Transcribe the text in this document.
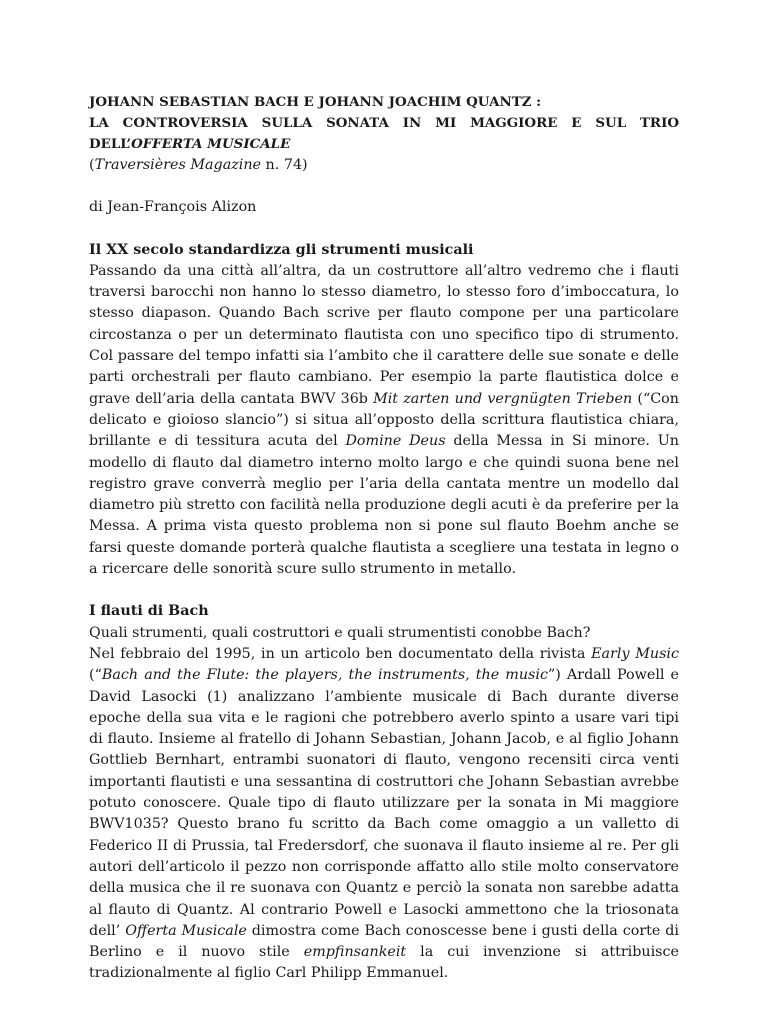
JOHANN SEBASTIAN BACH E JOHANN JOACHIM QUANTZ :
LA CONTROVERSIA SULLA SONATA IN MI MAGGIORE E SUL TRIO
DELL’OFFERTA MUSICALE
(Traversières Magazine n. 74)
di Jean-François Alizon
Il XX secolo standardizza gli strumenti musicali

Passando da una città all’altra, da un costruttore all’altro vedremo che i flauti traversi barocchi non hanno lo stesso diametro, lo stesso foro d’imboccatura, lo stesso diapason. Quando Bach scrive per flauto compone per una particolare circostanza o per un determinato flautista con uno specifico tipo di strumento. Col passare del tempo infatti sia l’ambito che il carattere delle sue sonate e delle parti orchestrali per flauto cambiano. Per esempio la parte flautistica dolce e grave dell’aria della cantata BWV 36b Mit zarten und vergnügten Trieben (“Con delicato e gioioso slancio”) si situa all’opposto della scrittura flautistica chiara, brillante e di tessitura acuta del Domine Deus della Messa in Si minore. Un modello di flauto dal diametro interno molto largo e che quindi suona bene nel registro grave converrà meglio per l’aria della cantata mentre un modello dal diametro più stretto con facilità nella produzione degli acuti è da preferire per la Messa. A prima vista questo problema non si pone sul flauto Boehm anche se farsi queste domande porterà qualche flautista a scegliere una testata in legno o a ricercare delle sonorità scure sullo strumento in metallo.

I flauti di Bach

Quali strumenti, quali costruttori e quali strumentisti conobbe Bach?

Nel febbraio del 1995, in un articolo ben documentato della rivista Early Music (“Bach and the Flute: the players, the instruments, the music”) Ardall Powell e David Lasocki (1) analizzano l’ambiente musicale di Bach durante diverse epoche della sua vita e le ragioni che potrebbero averlo spinto a usare vari tipi di flauto. Insieme al fratello di Johann Sebastian, Johann Jacob, e al figlio Johann Gottlieb Bernhart, entrambi suonatori di flauto, vengono recensiti circa venti importanti flautisti e una sessantina di costruttori che Johann Sebastian avrebbe potuto conoscere. Quale tipo di flauto utilizzare per la sonata in Mi maggiore BWV1035? Questo brano fu scritto da Bach come omaggio a un valletto di Federico II di Prussia, tal Fredersdorf, che suonava il flauto insieme al re. Per gli autori dell’articolo il pezzo non corrisponde affatto allo stile molto conservatore della musica che il re suonava con Quantz e perciò la sonata non sarebbe adatta al flauto di Quantz. Al contrario Powell e Lasocki ammettono che la triosonata dell’ Offerta Musicale dimostra come Bach conoscesse bene i gusti della corte di Berlino e il nuovo stile empfinsankeit la cui invenzione si attribuisce tradizionalmente al figlio Carl Philipp Emmanuel.
